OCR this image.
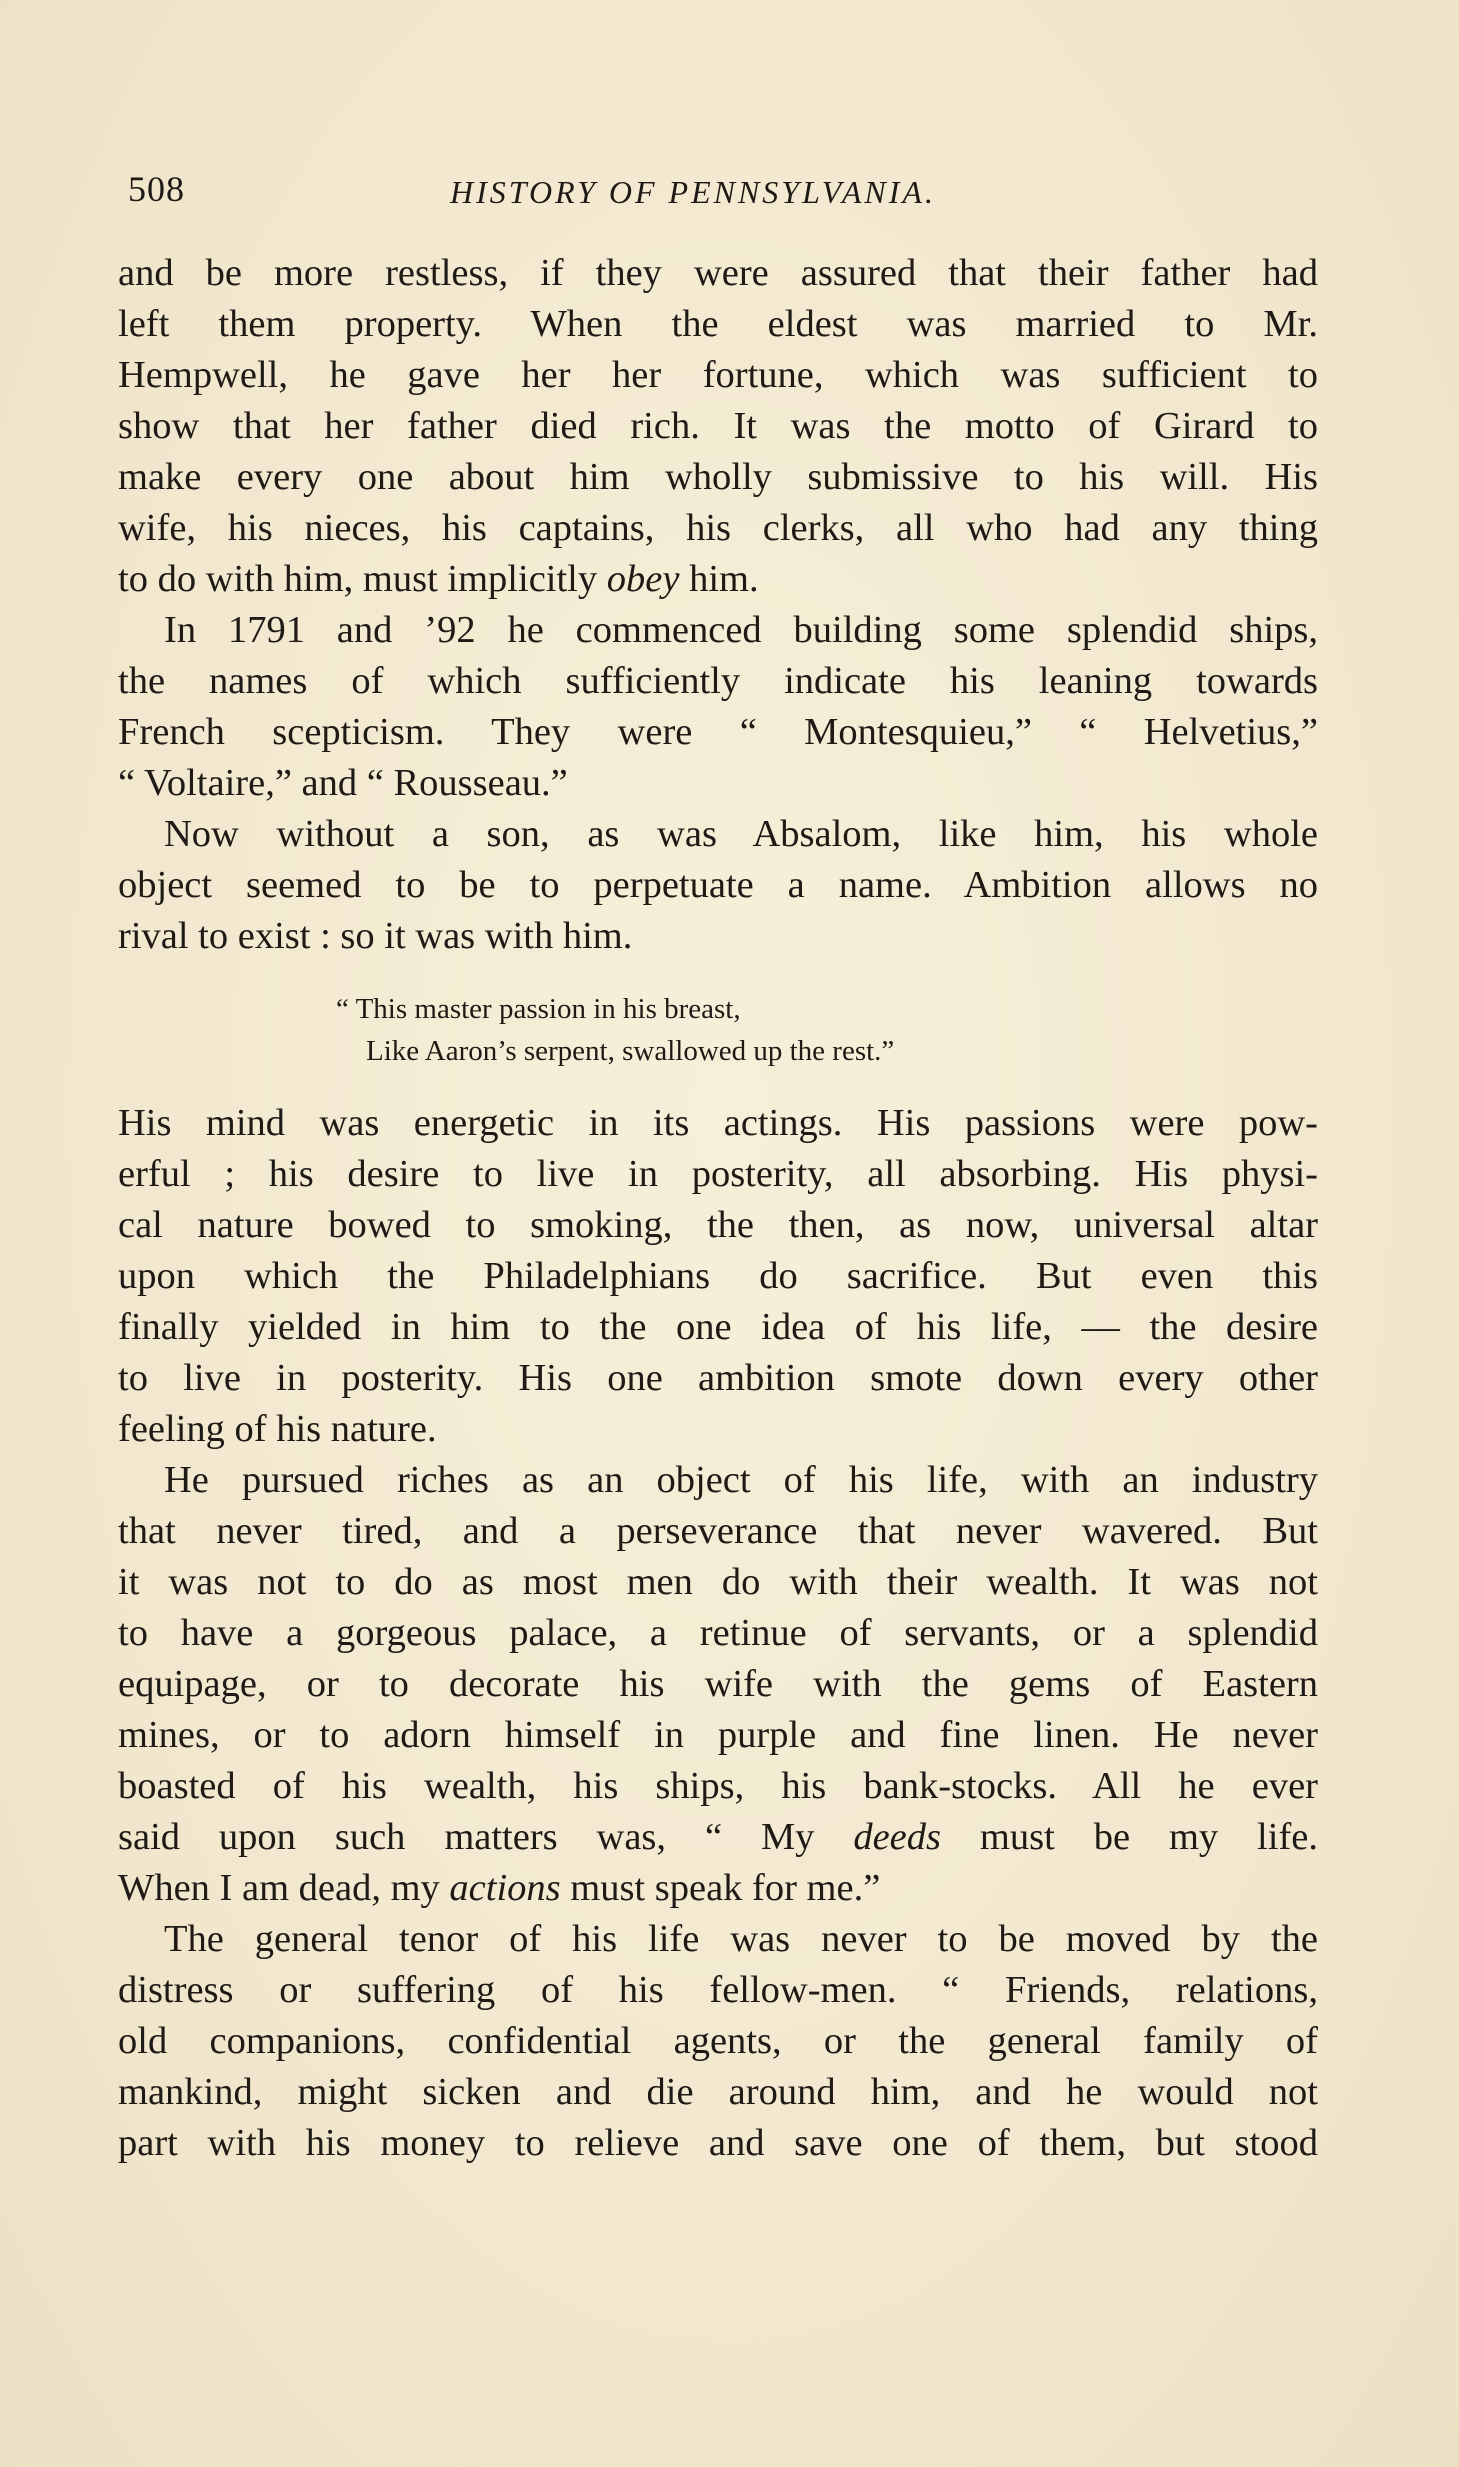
508	HISTORY OF PENNSYLVANIA.

and be more restless, if they were assured that their father had
left them property. When the eldest was married to Mr.
Hempwell, he gave her her fortune, which was sufficient to
show that her father died rich. It was the motto of Girard to
make every one about him wholly submissive to his will. His
wife, his nieces, his captains, his clerks, all who had any thing
to do with him, must implicitly obey him.

In 1791 and ’92 he commenced building some splendid ships,
the names of which sufficiently indicate his leaning towards
French scepticism. They were “ Montesquieu,” “ Helvetius,”
“ Voltaire,” and “ Rousseau.”

Now without a son, as was Absalom, like him, his whole
object seemed to be to perpetuate a name. Ambition allows no
rival to exist : so it was with him.

“ This master passion in his breast,
Like Aaron’s serpent, swallowed up the rest.”

His mind was energetic in its actings. His passions were pow-
erful ; his desire to live in posterity, all absorbing. His physi-
cal nature bowed to smoking, the then, as now, universal altar
upon which the Philadelphians do sacrifice. But even this
finally yielded in him to the one idea of his life, — the desire
to live in posterity. His one ambition smote down every other
feeling of his nature.

He pursued riches as an object of his life, with an industry
that never tired, and a perseverance that never wavered. But
it was not to do as most men do with their wealth. It was not
to have a gorgeous palace, a retinue of servants, or a splendid
equipage, or to decorate his wife with the gems of Eastern
mines, or to adorn himself in purple and fine linen. He never
boasted of his wealth, his ships, his bank-stocks. All he ever
said upon such matters was, “ My deeds must be my life.
When I am dead, my actions must speak for me.”

The general tenor of his life was never to be moved by the
distress or suffering of his fellow-men. “ Friends, relations,
old companions, confidential agents, or the general family of
mankind, might sicken and die around him, and he would not
part with his money to relieve and save one of them, but stood
